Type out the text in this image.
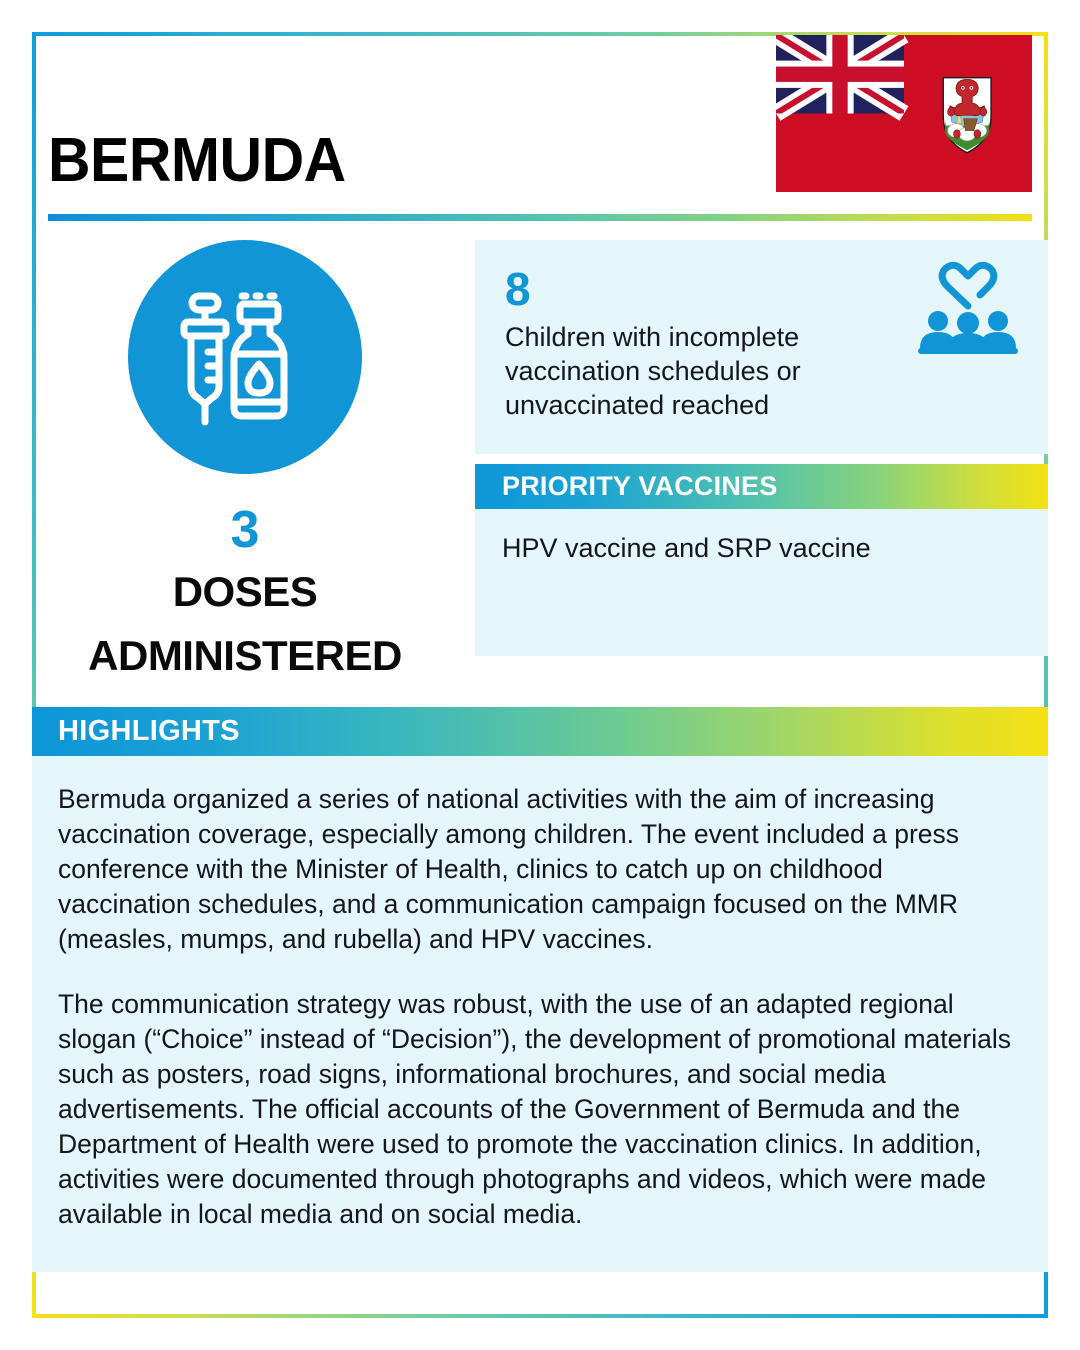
BERMUDA
3
DOSES
ADMINISTERED
8
Children with incomplete vaccination schedules or unvaccinated reached
PRIORITY VACCINES
HPV vaccine and SRP vaccine
HIGHLIGHTS

Bermuda organized a series of national activities with the aim of increasing vaccination coverage, especially among children. The event included a press conference with the Minister of Health, clinics to catch up on childhood vaccination schedules, and a communication campaign focused on the MMR (measles, mumps, and rubella) and HPV vaccines.

The communication strategy was robust, with the use of an adapted regional slogan (“Choice” instead of “Decision”), the development of promotional materials such as posters, road signs, informational brochures, and social media advertisements. The official accounts of the Government of Bermuda and the Department of Health were used to promote the vaccination clinics. In addition, activities were documented through photographs and videos, which were made available in local media and on social media.
